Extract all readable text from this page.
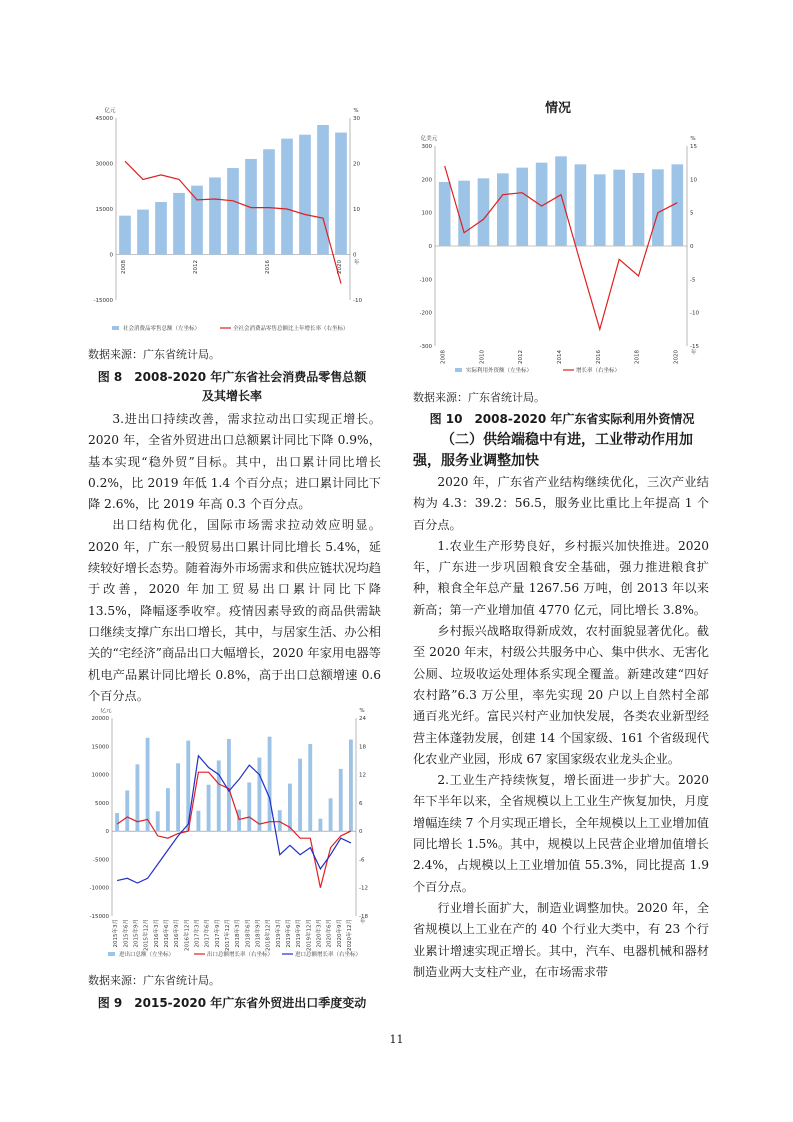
亿元	%
45000
30000
15000
0
-15000
30
20
10
0
-10
2008	2012	2016	2020 年
社会消费品零售总额（左坐标）	全社会消费品零售总额比上年增长率（右坐标）
数据来源：广东省统计局。
图 8　2008-2020 年广东省社会消费品零售总额
及其增长率

3.进出口持续改善，需求拉动出口实现正增长。2020 年，全省外贸进出口总额累计同比下降 0.9%，基本实现“稳外贸”目标。其中，出口累计同比增长 0.2%，比 2019 年低 1.4 个百分点；进口累计同比下降 2.6%，比 2019 年高 0.3 个百分点。

出口结构优化，国际市场需求拉动效应明显。2020 年，广东一般贸易出口累计同比增长 5.4%，延续较好增长态势。随着海外市场需求和供应链状况均趋于改善，2020 年加工贸易出口累计同比下降 13.5%，降幅逐季收窄。疫情因素导致的商品供需缺口继续支撑广东出口增长，其中，与居家生活、办公相关的“宅经济”商品出口大幅增长，2020 年家用电器等机电产品累计同比增长 0.8%，高于出口总额增速 0.6 个百分点。

亿元	%
20000
15000
10000
5000
0
-5000
-10000
-15000
24
18
12
6
0
-6
-12
-18
2015年3月 2015年6月 2015年9月 2015年12月 2016年3月 2016年6月 2016年9月 2016年12月 2017年3月 2017年6月 2017年9月 2017年12月 2018年3月 2018年6月 2018年9月 2018年12月 2019年3月 2019年6月 2019年9月 2019年12月 2020年3月 2020年6月 2020年9月 2020年12月 年
进出口总额（左坐标）	出口总额增长率（右坐标）	进口总额增长率（右坐标）
数据来源：广东省统计局。
图 9　2015-2020 年广东省外贸进出口季度变动
情况
亿美元	%
300
200
100
0
-100
-200
-300
15
10
5
0
-5
-10
-15
2008	2010	2012	2014	2016	2018	2020 年
实际利用外资额（左坐标）	增长率（右坐标）
数据来源：广东省统计局。
图 10　2008-2020 年广东省实际利用外资情况
（二）供给端稳中有进，工业带动作用加强，服务业调整加快

2020 年，广东省产业结构继续优化，三次产业结构为 4.3：39.2：56.5，服务业比重比上年提高 1 个百分点。

1.农业生产形势良好，乡村振兴加快推进。2020 年，广东进一步巩固粮食安全基础，强力推进粮食扩种，粮食全年总产量 1267.56 万吨，创 2013 年以来新高；第一产业增加值 4770 亿元，同比增长 3.8%。

乡村振兴战略取得新成效，农村面貌显著优化。截至 2020 年末，村级公共服务中心、集中供水、无害化公厕、垃圾收运处理体系实现全覆盖。新建改建“四好农村路”6.3 万公里，率先实现 20 户以上自然村全部通百兆光纤。富民兴村产业加快发展，各类农业新型经营主体蓬勃发展，创建 14 个国家级、161 个省级现代化农业产业园，形成 67 家国家级农业龙头企业。

2.工业生产持续恢复，增长面进一步扩大。2020 年下半年以来，全省规模以上工业生产恢复加快，月度增幅连续 7 个月实现正增长，全年规模以上工业增加值同比增长 1.5%。其中，规模以上民营企业增加值增长 2.4%，占规模以上工业增加值 55.3%，同比提高 1.9 个百分点。

行业增长面扩大，制造业调整加快。2020 年，全省规模以上工业在产的 40 个行业大类中，有 23 个行业累计增速实现正增长。其中，汽车、电器机械和器材制造业两大支柱产业，在市场需求带

11
